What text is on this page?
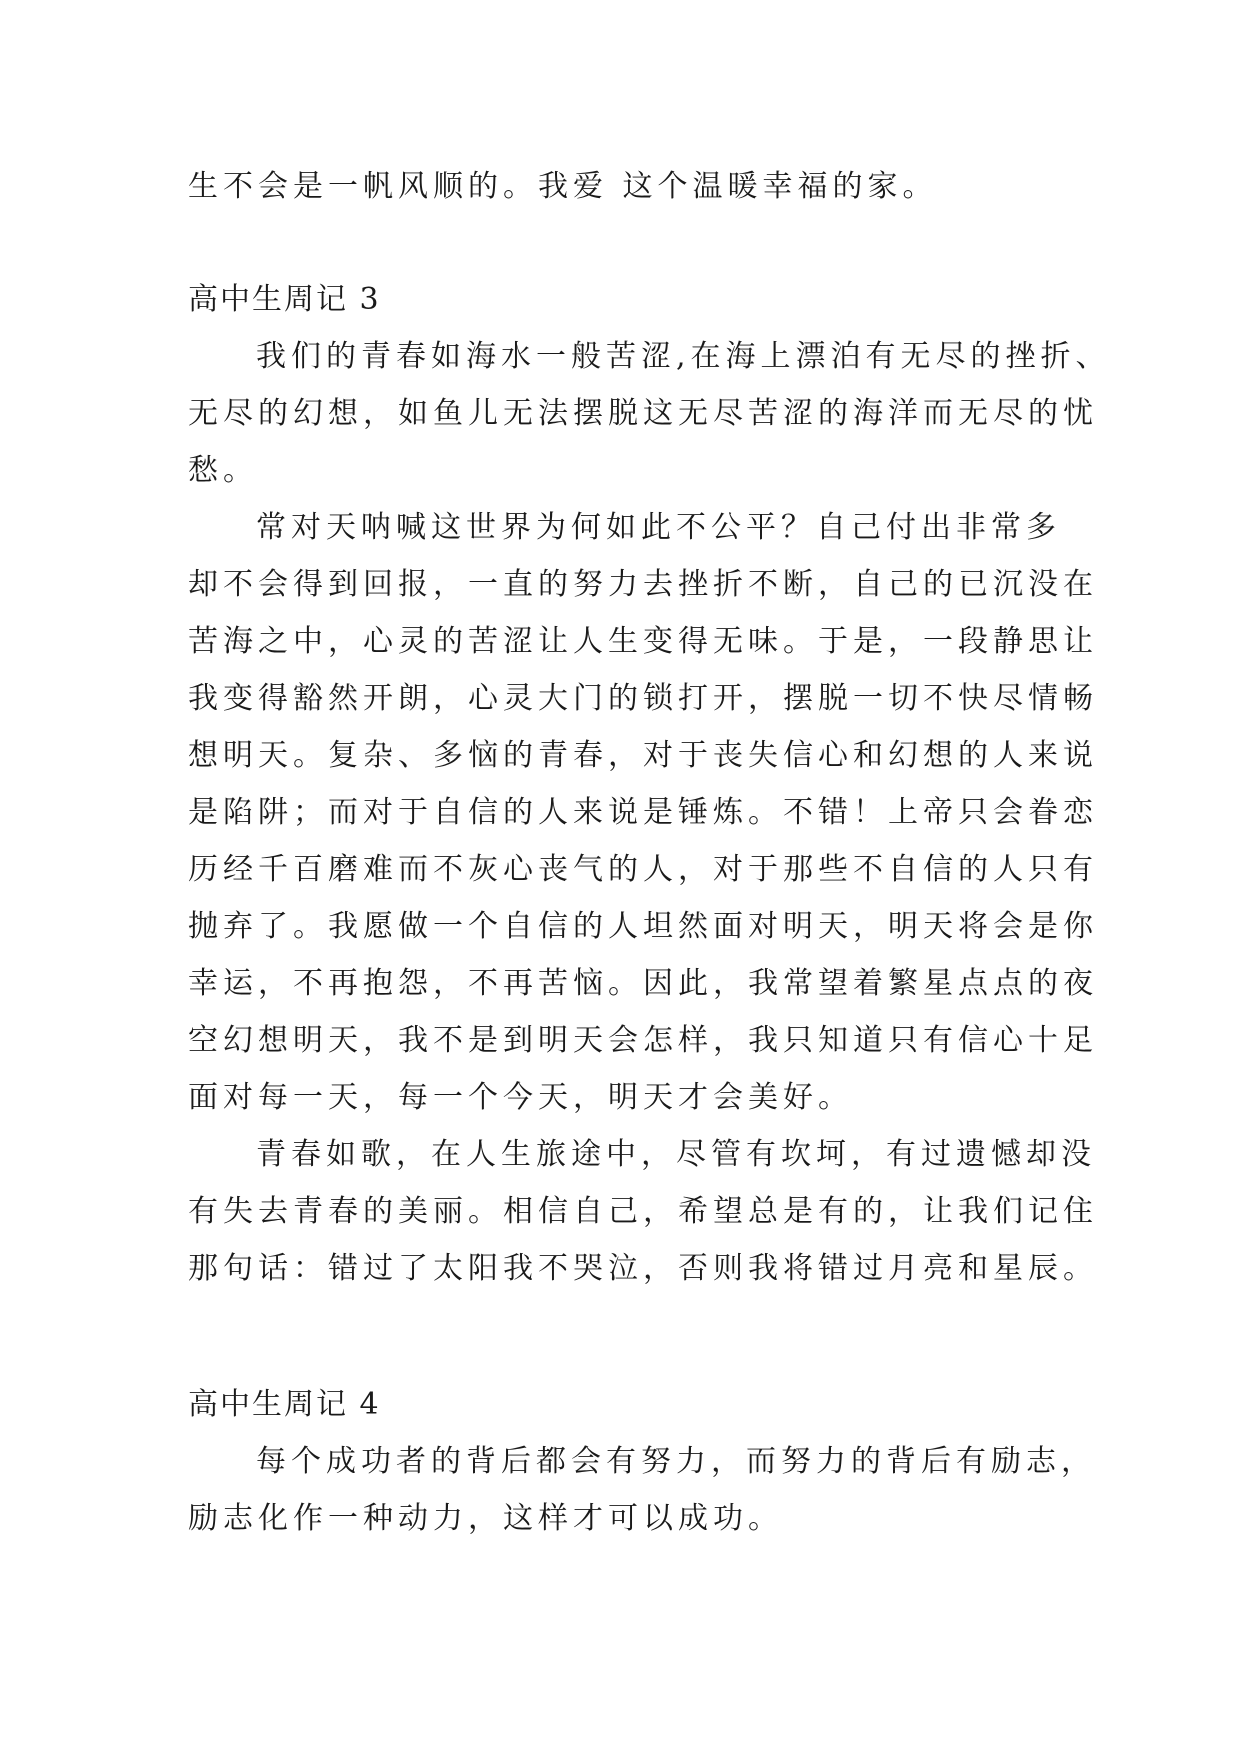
生不会是一帆风顺的。我爱 这个温暖幸福的家。
高中生周记 3
我们的青春如海水一般苦涩,在海上漂泊有无尽的挫折、
无尽的幻想，如鱼儿无法摆脱这无尽苦涩的海洋而无尽的忧
愁。
常对天呐喊这世界为何如此不公平？自己付出非常多
却不会得到回报，一直的努力去挫折不断，自己的已沉没在
苦海之中，心灵的苦涩让人生变得无味。于是，一段静思让
我变得豁然开朗，心灵大门的锁打开，摆脱一切不快尽情畅
想明天。复杂、多恼的青春，对于丧失信心和幻想的人来说
是陷阱；而对于自信的人来说是锤炼。不错！上帝只会眷恋
历经千百磨难而不灰心丧气的人，对于那些不自信的人只有
抛弃了。我愿做一个自信的人坦然面对明天，明天将会是你
幸运，不再抱怨，不再苦恼。因此，我常望着繁星点点的夜
空幻想明天，我不是到明天会怎样，我只知道只有信心十足
面对每一天，每一个今天，明天才会美好。
青春如歌，在人生旅途中，尽管有坎坷，有过遗憾却没
有失去青春的美丽。相信自己，希望总是有的，让我们记住
那句话：错过了太阳我不哭泣，否则我将错过月亮和星辰。
高中生周记 4
每个成功者的背后都会有努力，而努力的背后有励志，
励志化作一种动力，这样才可以成功。
